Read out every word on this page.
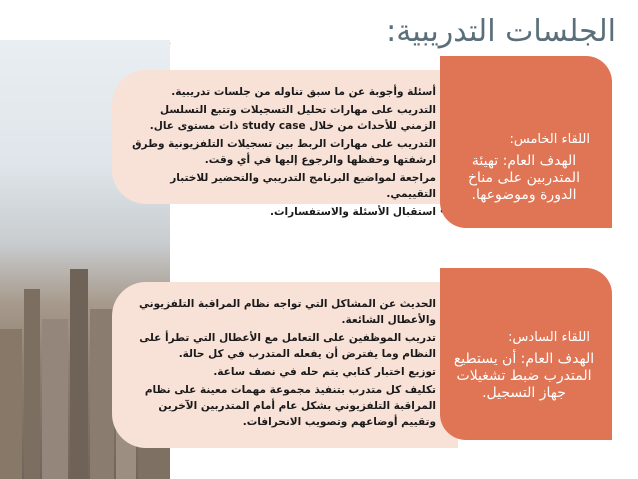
الجلسات التدريبية:
• أسئلة وأجوبة عن ما سبق تناوله من جلسات تدريبية.
• التدريب على مهارات تحليل التسجيلات وتتبع التسلسل الزمني للأحداث من خلال study case ذات مستوى عال.
• التدريب على مهارات الربط بين تسجيلات التلفزيونية وطرق ارشفتها وحفظها والرجوع إليها في أي وقت.
• مراجعة لمواضيع البرنامج التدريبي والتحضير للاختبار التقييمي.
• استقبال الأسئلة والاستفسارات.
• الحديث عن المشاكل التي تواجه نظام المراقبة التلفزيوني والأعطال الشائعة.
• تدريب الموظفين على التعامل مع الأعطال التي تطرأ على النظام وما يفترض أن يفعله المتدرب في كل حالة.
• توزيع اختبار كتابي يتم حله في نصف ساعة.
• تكليف كل متدرب بتنفيذ مجموعة مهمات معينة على نظام المراقبة التلفزيوني بشكل عام أمام المتدربين الآخرين وتقييم أوضاعهم وتصويب الانحرافات.
اللقاء الخامس:
الهدف العام: تهيئة المتدربين على مناخ الدورة وموضوعها.
اللقاء السادس:
الهدف العام: أن يستطيع المتدرب ضبط تشغيلات جهاز التسجيل.
